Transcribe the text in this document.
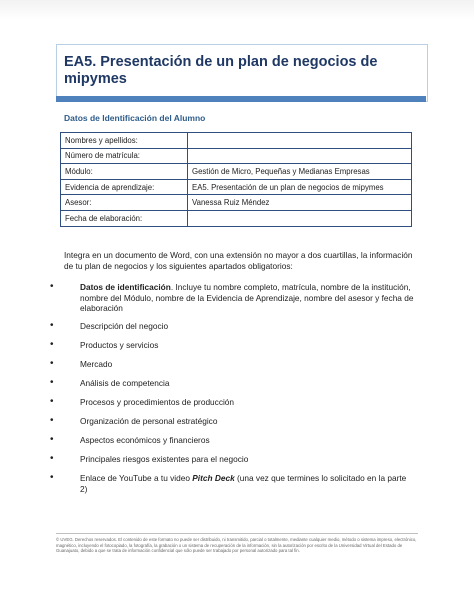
EA5. Presentación de un plan de negocios de mipymes
Datos de Identificación del Alumno
Nombres y apellidos:	
Número de matrícula:	
Módulo:	Gestión de Micro, Pequeñas y Medianas Empresas
Evidencia de aprendizaje:	EA5. Presentación de un plan de negocios de mipymes
Asesor:	Vanessa Ruiz Méndez
Fecha de elaboración:	

Integra en un documento de Word, con una extensión no mayor a dos cuartillas, la información de tu plan de negocios y los siguientes apartados obligatorios:

•	Datos de identificación. Incluye tu nombre completo, matrícula, nombre de la institución, nombre del Módulo, nombre de la Evidencia de Aprendizaje, nombre del asesor y fecha de elaboración
•	Descripción del negocio
•	Productos y servicios
•	Mercado
•	Análisis de competencia
•	Procesos y procedimientos de producción
•	Organización de personal estratégico
•	Aspectos económicos y financieros
•	Principales riesgos existentes para el negocio
•	Enlace de YouTube a tu video Pitch Deck (una vez que termines lo solicitado en la parte 2)

© UVEG. Derechos reservados. El contenido de este formato no puede ser distribuido, ni transmitido, parcial o totalmente, mediante cualquier medio, método o sistema impreso, electrónico, magnético, incluyendo el fotocopiado, la fotografía, la grabación o un sistema de recuperación de la información, sin la autorización por escrito de la Universidad Virtual del Estado de Guanajuato, debido a que se trata de información confidencial que sólo puede ser trabajado por personal autorizado para tal fin.
